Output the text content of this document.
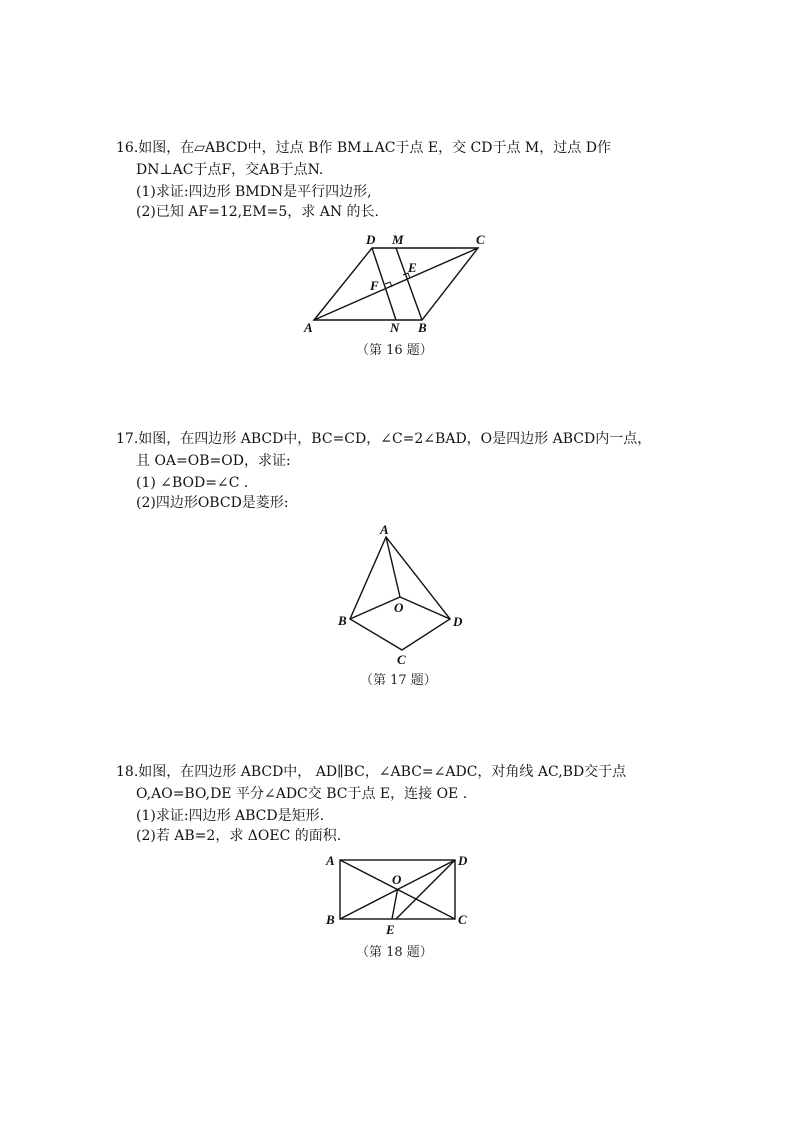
16.如图，在▱ABCD中，过点 B作 BM⊥AC于点 E，交 CD于点 M，过点 D作
DN⊥AC于点F，交AB于点N.
(1)求证:四边形 BMDN是平行四边形,
(2)已知 AF=12,EM=5，求 AN 的长.
A	B
C
D M
N
E
F
（第 16 题）
17.如图，在四边形 ABCD中，BC=CD，∠C=2∠BAD，O是四边形 ABCD内一点，
且 OA=OB=OD，求证:
(1) ∠BOD=∠C .
(2)四边形OBCD是菱形:
A
B
C
D
O
（第 17 题）
18.如图，在四边形 ABCD中， AD∥BC，∠ABC=∠ADC，对角线 AC,BD交于点
O,AO=BO,DE 平分∠ADC交 BC于点 E，连接 OE .
(1)求证:四边形 ABCD是矩形.
(2)若 AB=2，求 ΔOEC 的面积.
A
B	C
D
O
E
（第 18 题）
